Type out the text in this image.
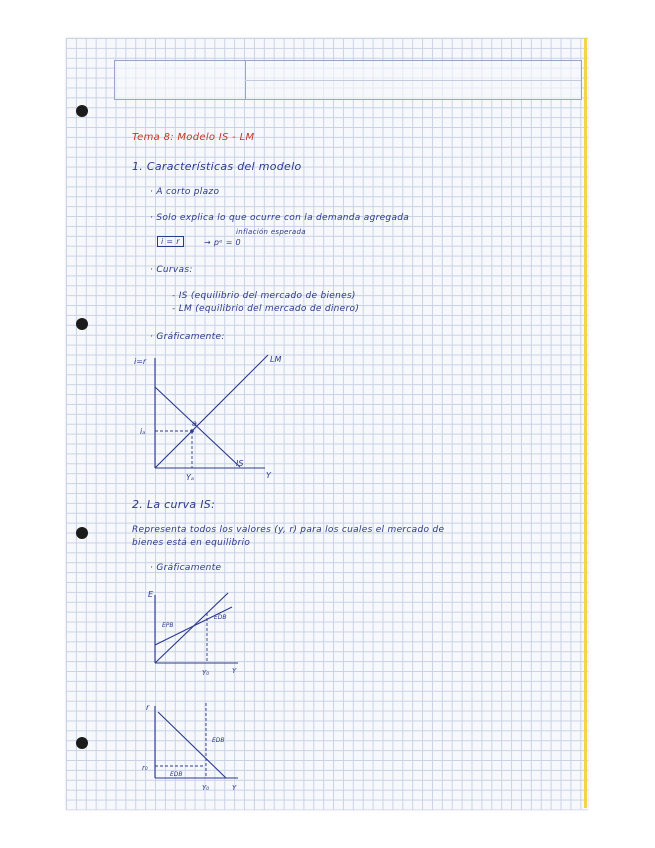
Tema 8: Modelo IS - LM
1. Características del modelo
· A corto plazo
· Solo explica lo que ocurre con la demanda agregada
inflación esperada
i = r	→ pᵉ = 0
· Curvas:
- IS (equilibrio del mercado de bienes)
- LM (equilibrio del mercado de dinero)
· Gráficamente:
i=r	LM
IS
a
iₐ
Yₐ	Y
2. La curva IS:
Representa todos los valores (y, r) para los cuales el mercado de
bienes está en equilibrio
· Gráficamente
E
EPB
EDB
Y₀	Y
r
r₀
EDB
EDB
Y₀	Y
